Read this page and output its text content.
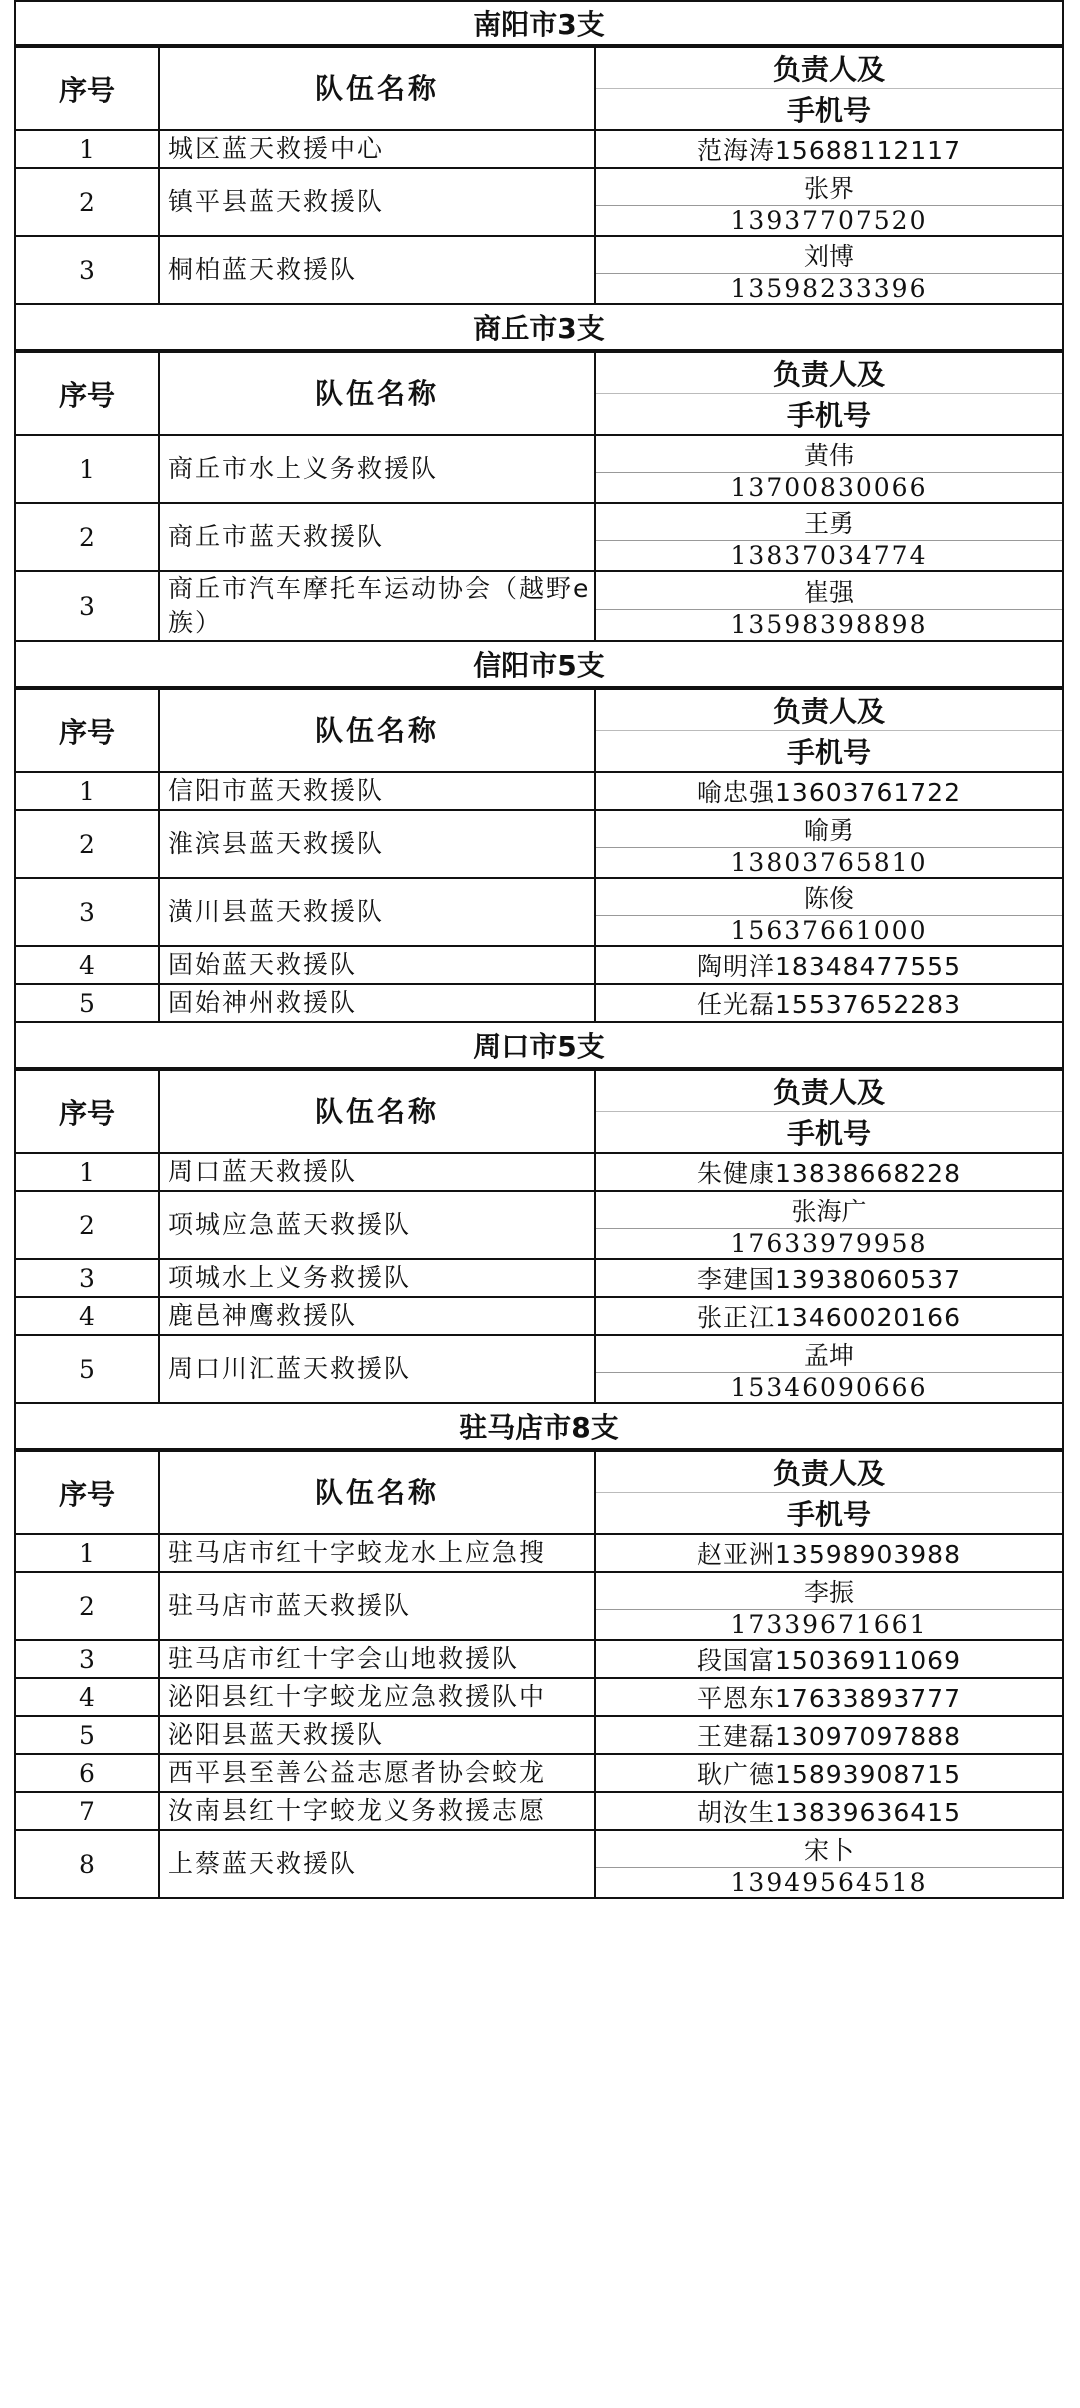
南阳市3支
序号	队伍名称	负责人及
手机号

1	城区蓝天救援中心	范海涛15688112117

2	镇平县蓝天救援队	张界
13937707520

3	桐柏蓝天救援队	刘博
13598233396
商丘市3支
序号	队伍名称	负责人及
手机号

1	商丘市水上义务救援队	黄伟
13700830066

2	商丘市蓝天救援队	王勇
13837034774

3	商丘市汽车摩托车运动协会（越野e族）	崔强
13598398898
信阳市5支
序号	队伍名称	负责人及
手机号

1	信阳市蓝天救援队	喻忠强13603761722

2	淮滨县蓝天救援队	喻勇
13803765810

3	潢川县蓝天救援队	陈俊
15637661000

4	固始蓝天救援队	陶明洋18348477555

5	固始神州救援队	任光磊15537652283
周口市5支
序号	队伍名称	负责人及
手机号

1	周口蓝天救援队	朱健康13838668228

2	项城应急蓝天救援队	张海广
17633979958

3	项城水上义务救援队	李建国13938060537

4	鹿邑神鹰救援队	张正江13460020166

5	周口川汇蓝天救援队	孟坤
15346090666
驻马店市8支
序号	队伍名称	负责人及
手机号

1	驻马店市红十字蛟龙水上应急搜	赵亚洲13598903988

2	驻马店市蓝天救援队	李振
17339671661

3	驻马店市红十字会山地救援队	段国富15036911069

4	泌阳县红十字蛟龙应急救援队中	平恩东17633893777

5	泌阳县蓝天救援队	王建磊13097097888

6	西平县至善公益志愿者协会蛟龙	耿广德15893908715

7	汝南县红十字蛟龙义务救援志愿	胡汝生13839636415

8	上蔡蓝天救援队	宋卜
13949564518
